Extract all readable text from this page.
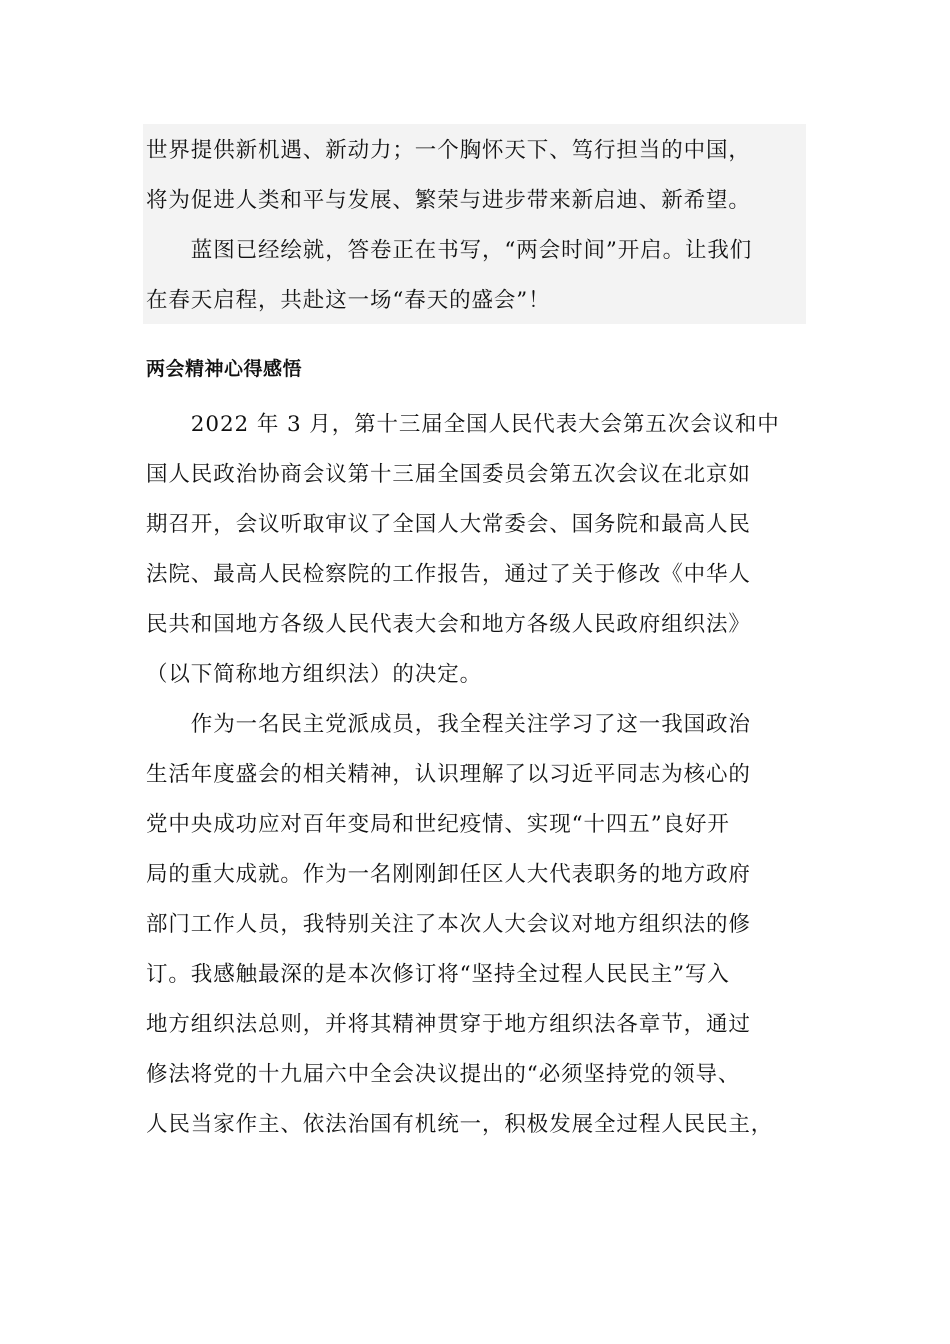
世界提供新机遇、新动力；一个胸怀天下、笃行担当的中国，
将为促进人类和平与发展、繁荣与进步带来新启迪、新希望。
　　蓝图已经绘就，答卷正在书写，“两会时间”开启。让我们
在春天启程，共赴这一场“春天的盛会”！
两会精神心得感悟
　　2022 年 3 月，第十三届全国人民代表大会第五次会议和中
国人民政治协商会议第十三届全国委员会第五次会议在北京如
期召开，会议听取审议了全国人大常委会、国务院和最高人民
法院、最高人民检察院的工作报告，通过了关于修改《中华人
民共和国地方各级人民代表大会和地方各级人民政府组织法》
（以下简称地方组织法）的决定。
　　作为一名民主党派成员，我全程关注学习了这一我国政治
生活年度盛会的相关精神，认识理解了以习近平同志为核心的
党中央成功应对百年变局和世纪疫情、实现“十四五”良好开
局的重大成就。作为一名刚刚卸任区人大代表职务的地方政府
部门工作人员，我特别关注了本次人大会议对地方组织法的修
订。我感触最深的是本次修订将“坚持全过程人民民主”写入
地方组织法总则，并将其精神贯穿于地方组织法各章节，通过
修法将党的十九届六中全会决议提出的“必须坚持党的领导、
人民当家作主、依法治国有机统一，积极发展全过程人民民主，
